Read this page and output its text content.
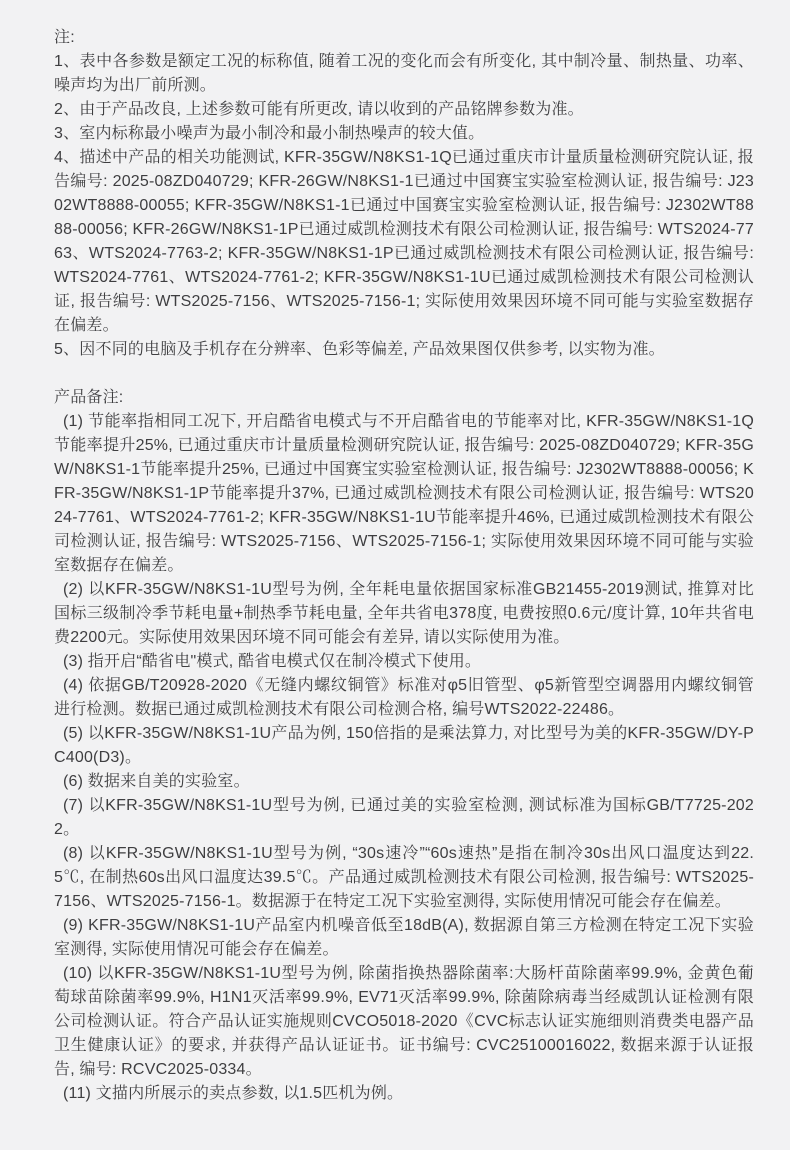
注:

1、表中各参数是额定工况的标称值, 随着工况的变化而会有所变化, 其中制冷量、制热量、功率、噪声均为出厂前所测。

2、由于产品改良, 上述参数可能有所更改, 请以收到的产品铭牌参数为准。

3、室内标称最小噪声为最小制冷和最小制热噪声的较大值。

4、描述中产品的相关功能测试, KFR-35GW/N8KS1-1Q已通过重庆市计量质量检测研究院认证, 报告编号: 2025-08ZD040729; KFR-26GW/N8KS1-1已通过中国赛宝实验室检测认证, 报告编号: J2302WT8888-00055; KFR-35GW/N8KS1-1已通过中国赛宝实验室检测认证, 报告编号: J2302WT8888-00056; KFR-26GW/N8KS1-1P已通过威凯检测技术有限公司检测认证, 报告编号: WTS2024-7763、WTS2024-7763-2; KFR-35GW/N8KS1-1P已通过威凯检测技术有限公司检测认证, 报告编号: WTS2024-7761、WTS2024-7761-2; KFR-35GW/N8KS1-1U已通过威凯检测技术有限公司检测认证, 报告编号: WTS2025-7156、WTS2025-7156-1; 实际使用效果因环境不同可能与实验室数据存在偏差。

5、因不同的电脑及手机存在分辨率、色彩等偏差, 产品效果图仅供参考, 以实物为准。

产品备注:

(1) 节能率指相同工况下, 开启酷省电模式与不开启酷省电的节能率对比, KFR-35GW/N8KS1-1Q节能率提升25%, 已通过重庆市计量质量检测研究院认证, 报告编号: 2025-08ZD040729; KFR-35GW/N8KS1-1节能率提升25%, 已通过中国赛宝实验室检测认证, 报告编号: J2302WT8888-00056; KFR-35GW/N8KS1-1P节能率提升37%, 已通过威凯检测技术有限公司检测认证, 报告编号: WTS2024-7761、WTS2024-7761-2; KFR-35GW/N8KS1-1U节能率提升46%, 已通过威凯检测技术有限公司检测认证, 报告编号: WTS2025-7156、WTS2025-7156-1; 实际使用效果因环境不同可能与实验室数据存在偏差。

(2) 以KFR-35GW/N8KS1-1U型号为例, 全年耗电量依据国家标准GB21455-2019测试, 推算对比国标三级制冷季节耗电量+制热季节耗电量, 全年共省电378度, 电费按照0.6元/度计算, 10年共省电费2200元。实际使用效果因环境不同可能会有差异, 请以实际使用为准。

(3) 指开启“酷省电"模式, 酷省电模式仅在制冷模式下使用。

(4) 依据GB/T20928-2020《无缝内螺纹铜管》标准对φ5旧管型、φ5新管型空调器用内螺纹铜管进行检测。数据已通过威凯检测技术有限公司检测合格, 编号WTS2022-22486。

(5) 以KFR-35GW/N8KS1-1U产品为例, 150倍指的是乘法算力, 对比型号为美的KFR-35GW/DY-PC400(D3)。

(6) 数据来自美的实验室。

(7) 以KFR-35GW/N8KS1-1U型号为例, 已通过美的实验室检测, 测试标准为国标GB/T7725-2022。

(8) 以KFR-35GW/N8KS1-1U型号为例, “30s速冷”“60s速热”是指在制冷30s出风口温度达到22.5℃, 在制热60s出风口温度达39.5℃。产品通过威凯检测技术有限公司检测, 报告编号: WTS2025-7156、WTS2025-7156-1。数据源于在特定工况下实验室测得, 实际使用情况可能会存在偏差。

(9) KFR-35GW/N8KS1-1U产品室内机噪音低至18dB(A), 数据源自第三方检测在特定工况下实验室测得, 实际使用情况可能会存在偏差。

(10) 以KFR-35GW/N8KS1-1U型号为例, 除菌指换热器除菌率:大肠杆苗除菌率99.9%, 金黄色葡萄球苗除菌率99.9%, H1N1灭活率99.9%, EV71灭活率99.9%, 除菌除病毒当经威凯认证检测有限公司检测认证。符合产品认证实施规则CVCO5018-2020《CVC标志认证实施细则消费类电器产品卫生健康认证》的要求, 并获得产品认证证书。证书编号: CVC25100016022, 数据来源于认证报告, 编号: RCVC2025-0334。

(11) 文描内所展示的卖点参数, 以1.5匹机为例。
